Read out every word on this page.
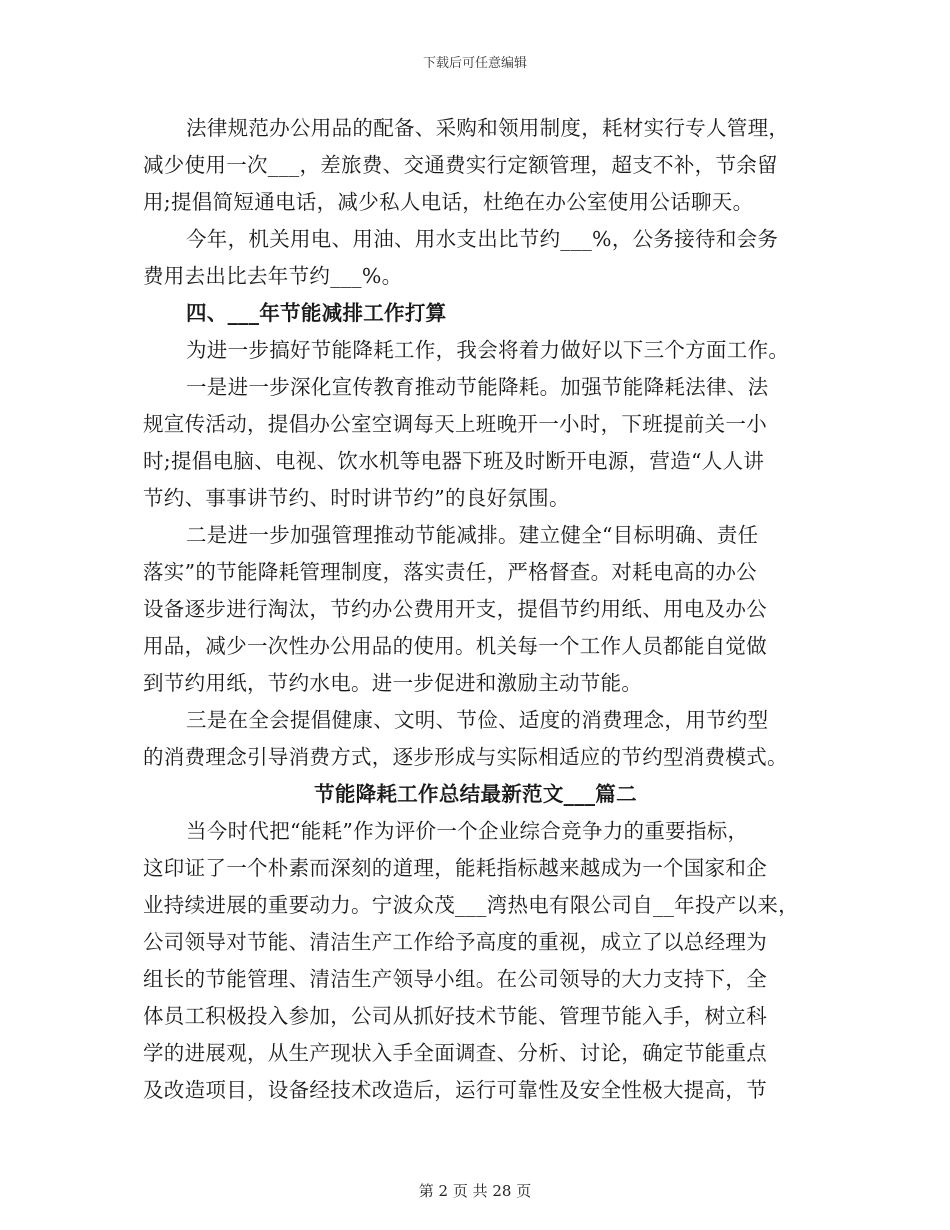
下载后可任意编辑
法律规范办公用品的配备、采购和领用制度，耗材实行专人管理，
减少使用一次___，差旅费、交通费实行定额管理，超支不补，节余留
用;提倡简短通电话，减少私人电话，杜绝在办公室使用公话聊天。
今年，机关用电、用油、用水支出比节约___%，公务接待和会务
费用去出比去年节约___%。
四、___年节能减排工作打算
为进一步搞好节能降耗工作，我会将着力做好以下三个方面工作。
一是进一步深化宣传教育推动节能降耗。加强节能降耗法律、法
规宣传活动，提倡办公室空调每天上班晚开一小时，下班提前关一小
时;提倡电脑、电视、饮水机等电器下班及时断开电源，营造“人人讲
节约、事事讲节约、时时讲节约”的良好氛围。
二是进一步加强管理推动节能减排。建立健全“目标明确、责任
落实”的节能降耗管理制度，落实责任，严格督查。对耗电高的办公
设备逐步进行淘汰，节约办公费用开支，提倡节约用纸、用电及办公
用品，减少一次性办公用品的使用。机关每一个工作人员都能自觉做
到节约用纸，节约水电。进一步促进和激励主动节能。
三是在全会提倡健康、文明、节俭、适度的消费理念，用节约型
的消费理念引导消费方式，逐步形成与实际相适应的节约型消费模式。
节能降耗工作总结最新范文___篇二
当今时代把“能耗”作为评价一个企业综合竞争力的重要指标，
这印证了一个朴素而深刻的道理，能耗指标越来越成为一个国家和企
业持续进展的重要动力。宁波众茂___湾热电有限公司自__年投产以来，
公司领导对节能、清洁生产工作给予高度的重视，成立了以总经理为
组长的节能管理、清洁生产领导小组。在公司领导的大力支持下，全
体员工积极投入参加，公司从抓好技术节能、管理节能入手，树立科
学的进展观，从生产现状入手全面调查、分析、讨论，确定节能重点
及改造项目，设备经技术改造后，运行可靠性及安全性极大提高，节
第 2 页 共 28 页
